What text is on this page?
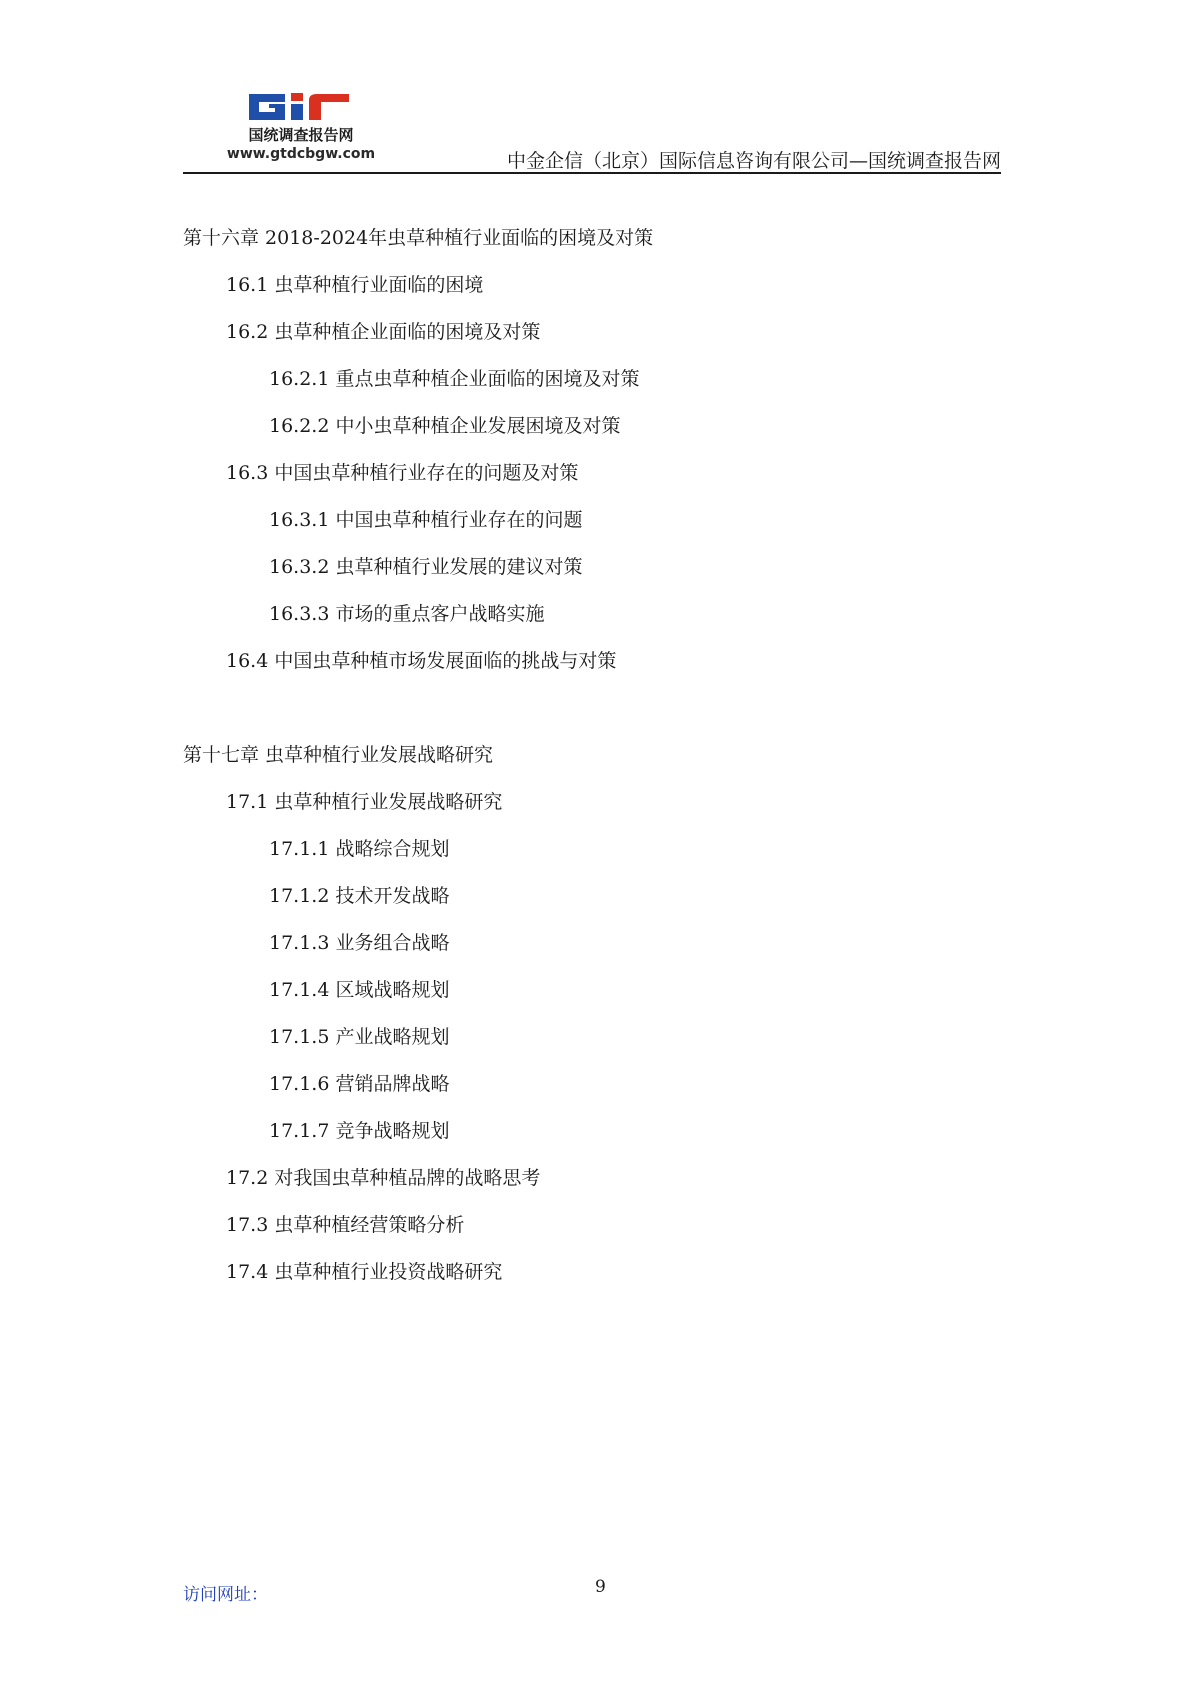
国统调查报告网
www.gtdcbgw.com	中金企信（北京）国际信息咨询有限公司—国统调查报告网
第十六章 2018-2024年虫草种植行业面临的困境及对策
16.1 虫草种植行业面临的困境
16.2 虫草种植企业面临的困境及对策
16.2.1 重点虫草种植企业面临的困境及对策
16.2.2 中小虫草种植企业发展困境及对策
16.3 中国虫草种植行业存在的问题及对策
16.3.1 中国虫草种植行业存在的问题
16.3.2 虫草种植行业发展的建议对策
16.3.3 市场的重点客户战略实施
16.4 中国虫草种植市场发展面临的挑战与对策
第十七章 虫草种植行业发展战略研究
17.1 虫草种植行业发展战略研究
17.1.1 战略综合规划
17.1.2 技术开发战略
17.1.3 业务组合战略
17.1.4 区域战略规划
17.1.5 产业战略规划
17.1.6 营销品牌战略
17.1.7 竞争战略规划
17.2 对我国虫草种植品牌的战略思考
17.3 虫草种植经营策略分析
17.4 虫草种植行业投资战略研究
访问网址：	9
